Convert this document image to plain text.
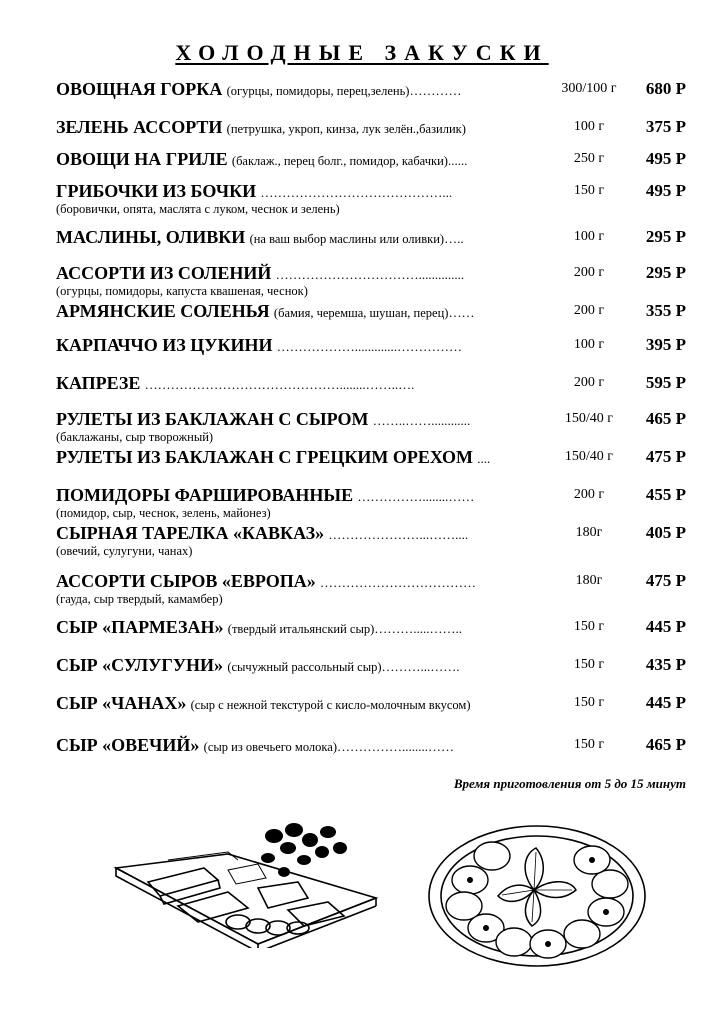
ХОЛОДНЫЕ ЗАКУСКИ
ОВОЩНАЯ ГОРКА (огурцы, помидоры, перец,зелень)…………	300/100 г	680 Р
ЗЕЛЕНЬ АССОРТИ (петрушка, укроп, кинза, лук зелён.,базилик)	100 г	375 Р
ОВОЩИ НА ГРИЛЕ (баклаж., перец болг., помидор, кабачки)......	250 г	495 Р
ГРИБОЧКИ ИЗ БОЧКИ ……………………………………...	150 г	495 Р
(боровички, опята, маслята с луком, чеснок и зелень)
МАСЛИНЫ, ОЛИВКИ (на ваш выбор маслины или оливки)…..	100 г	295 Р
АССОРТИ ИЗ СОЛЕНИЙ ……………………………..............	200 г	295 Р
(огурцы, помидоры, капуста квашеная, чеснок)
АРМЯНСКИЕ СОЛЕНЬЯ (бамия, черемша, шушан, перец)……	200 г	355 Р
КАРПАЧЧО ИЗ ЦУКИНИ ……………….............……………	100 г	395 Р
КАПРЕЗЕ ………………………………………........……..….	200 г	595 Р
РУЛЕТЫ ИЗ БАКЛАЖАН С СЫРОМ ……..……............	150/40 г	465 Р
(баклажаны, сыр творожный)
РУЛЕТЫ ИЗ БАКЛАЖАН С ГРЕЦКИМ ОРЕХОМ ....	150/40 г	475 Р
ПОМИДОРЫ ФАРШИРОВАННЫЕ ……………........……	200 г	455 Р
(помидор, сыр, чеснок, зелень, майонез)
СЫРНАЯ ТАРЕЛКА «КАВКАЗ» …………………...……....	180г	405 Р
(овечий, сулугуни, чанах)
АССОРТИ СЫРОВ «ЕВРОПА» ………………………………	180г	475 Р
(гауда, сыр твердый, камамбер)
СЫР «ПАРМЕЗАН» (твердый итальянский сыр)……….....……..	150 г	445 Р
СЫР «СУЛУГУНИ» (сычужный рассольный сыр)………...…….	150 г	435 Р
СЫР «ЧАНАХ» (сыр с нежной текстурой с кисло-молочным вкусом)	150 г	445 Р
СЫР «ОВЕЧИЙ» (сыр из овечьего молока)……………........……	150 г	465 Р
Время приготовления от 5 до 15 минут
